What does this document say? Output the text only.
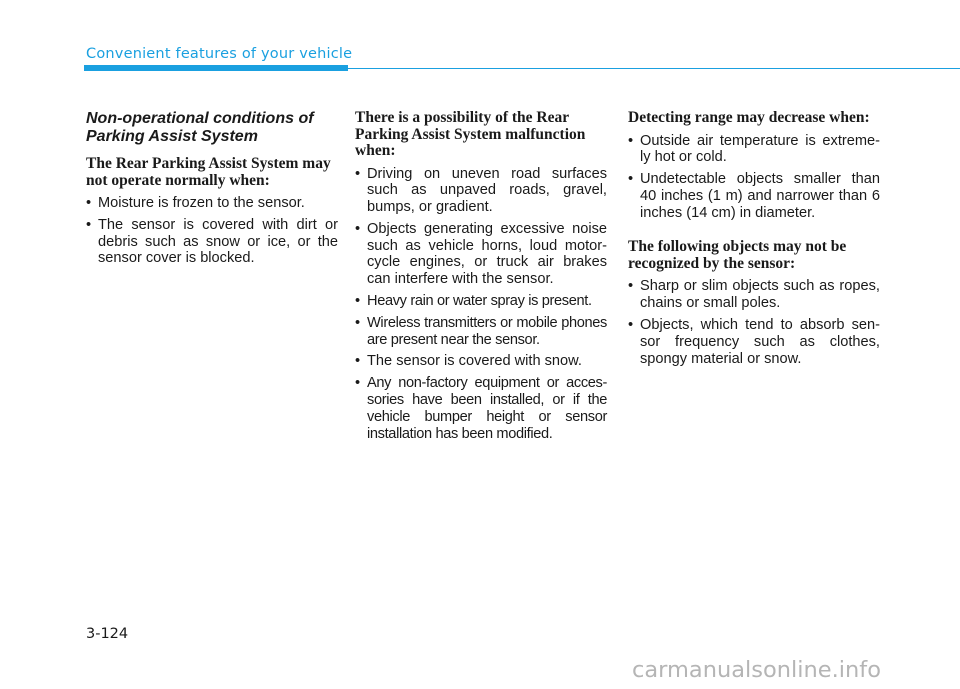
Convenient features of your vehicle
Non-operational conditions of Parking Assist System
The Rear Parking Assist System may not operate normally when:
• Moisture is frozen to the sensor.
• The sensor is covered with dirt or debris such as snow or ice, or the sensor cover is blocked.
There is a possibility of the Rear Parking Assist System malfunction when:
• Driving on uneven road surfaces such as unpaved roads, gravel, bumps, or gradient.
• Objects generating excessive noise such as vehicle horns, loud motor-cycle engines, or truck air brakes can interfere with the sensor.
• Heavy rain or water spray is present.
• Wireless transmitters or mobile phones are present near the sensor.
• The sensor is covered with snow.
• Any non-factory equipment or acces-sories have been installed, or if the vehicle bumper height or sensor installation has been modified.
Detecting range may decrease when:
• Outside air temperature is extreme-ly hot or cold.
• Undetectable objects smaller than 40 inches (1 m) and narrower than 6 inches (14 cm) in diameter.
The following objects may not be recognized by the sensor:
• Sharp or slim objects such as ropes, chains or small poles.
• Objects, which tend to absorb sen-sor frequency such as clothes, spongy material or snow.
3-124
carmanualsonline.info
